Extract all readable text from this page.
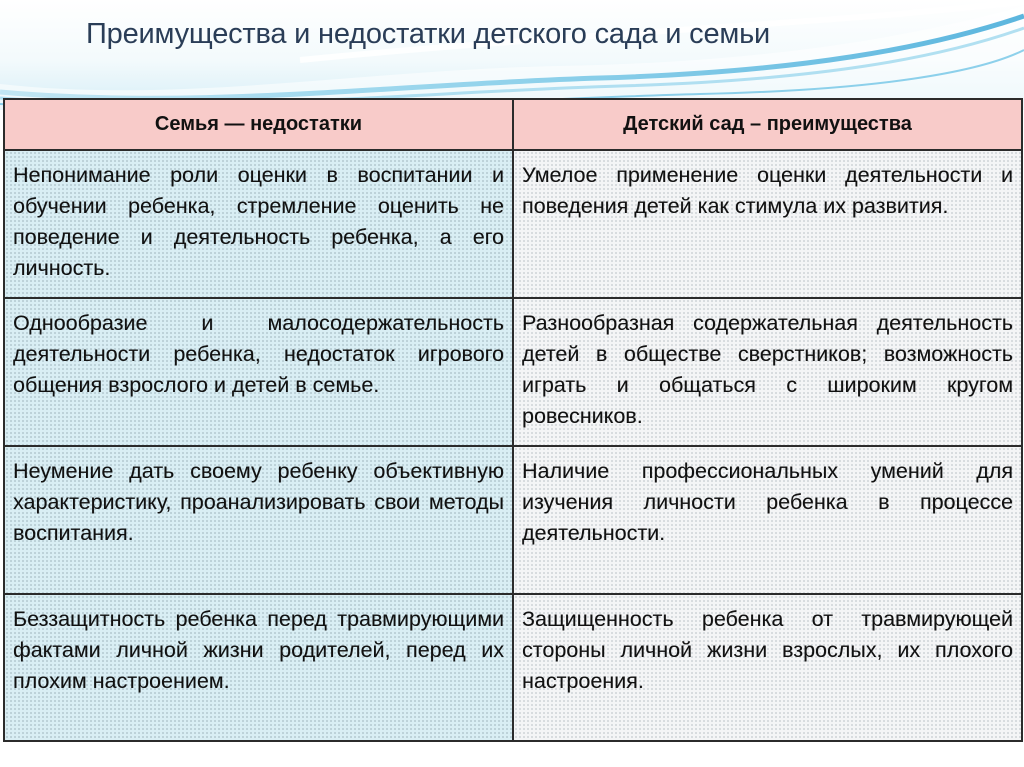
Преимущества и недостатки детского сада и семьи
Семья — недостатки	Детский сад – преимущества
Непонимание роли оценки в воспитании и обучении ребенка, стремление оценить не поведение и деятельность ребенка, а его личность.	Умелое применение оценки деятельности и поведения детей как стимула их развития.
Однообразие и малосодержательность деятельности ребенка, недостаток игрового общения взрослого и детей в семье.	Разнообразная содержательная деятельность детей в обществе сверстников; возможность играть и общаться с широким кругом ровесников.
Неумение дать своему ребенку объективную характеристику, проанализировать свои методы воспитания.	Наличие профессиональных умений для изучения личности ребенка в процессе деятельности.
Беззащитность ребенка перед травмирующими фактами личной жизни родителей, перед их плохим настроением.	Защищенность ребенка от травмирующей стороны личной жизни взрослых, их плохого настроения.
